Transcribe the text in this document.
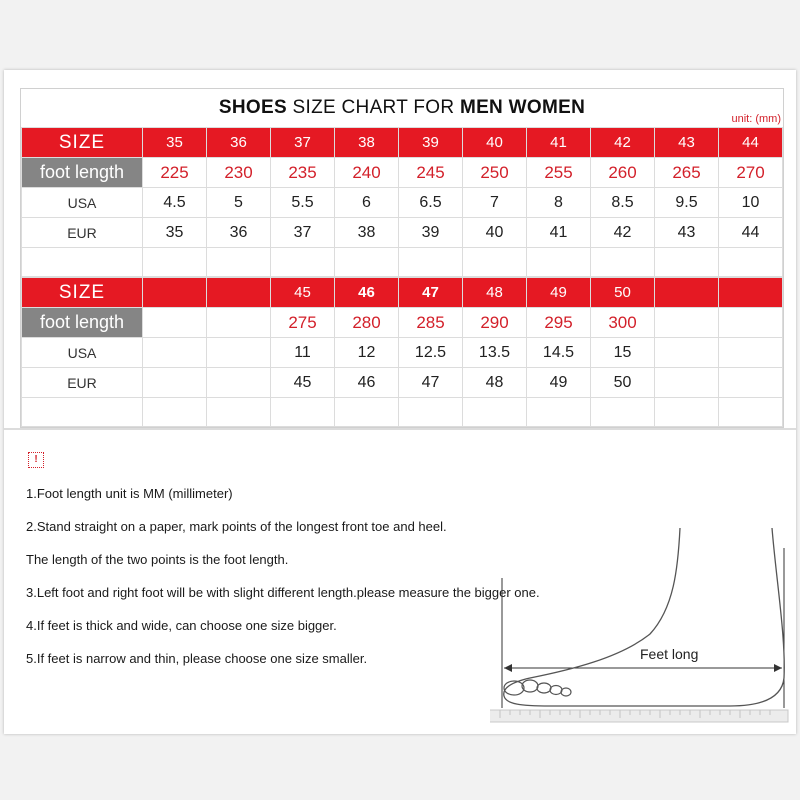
SHOES SIZE CHART FOR MEN WOMEN
unit: (mm)
SIZE	35	36	37	38	39	40	41	42	43	44
foot length	225	230	235	240	245	250	255	260	265	270
USA	4.5	5	5.5	6	6.5	7	8	8.5	9.5	10
EUR	35	36	37	38	39	40	41	42	43	44

SIZE			45	46	47	48	49	50		
foot length			275	280	285	290	295	300		
USA			11	12	12.5	13.5	14.5	15		
EUR			45	46	47	48	49	50		

!
1.Foot length unit is MM (millimeter)
2.Stand straight on a paper, mark points of the longest front toe and heel.
The length of the two points is the foot length.
3.Left foot and right foot will be with slight different length.please measure the bigger one.
4.If feet is thick and wide, can choose one size bigger.
5.If feet is narrow and thin, please choose one size smaller.	Feet long
